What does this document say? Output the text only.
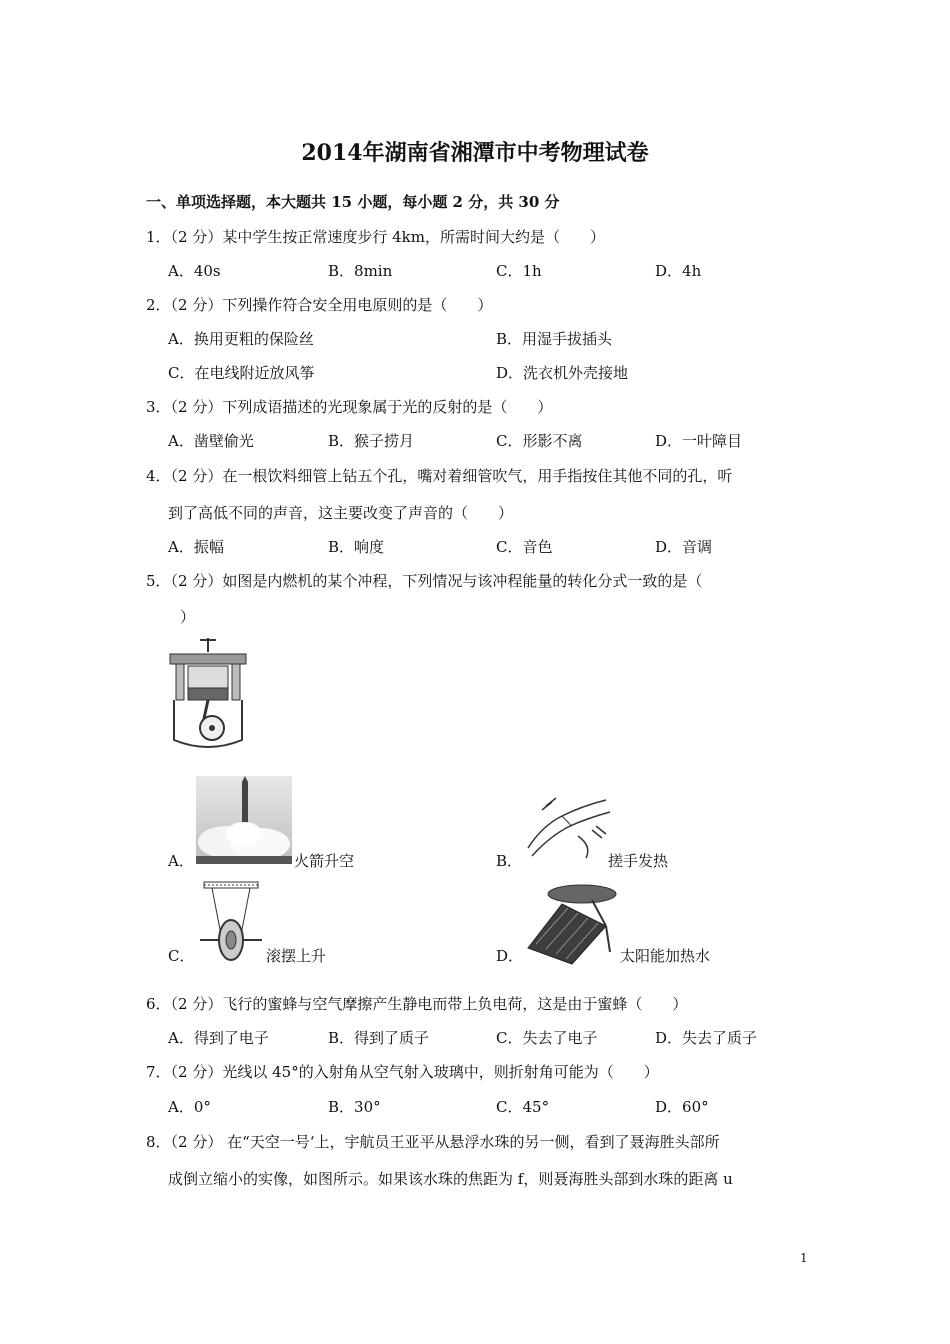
2014年湖南省湘潭市中考物理试卷
一、单项选择题，本大题共 15 小题，每小题 2 分，共 30 分
1．（2 分）某中学生按正常速度步行 4km，所需时间大约是（　　）
A．40s	B．8min	C．1h	D．4h
2．（2 分）下列操作符合安全用电原则的是（　　）
A．换用更粗的保险丝	B．用湿手拔插头
C．在电线附近放风筝	D．洗衣机外壳接地
3．（2 分）下列成语描述的光现象属于光的反射的是（　　）
A．凿壁偷光	B．猴子捞月	C．形影不离	D．一叶障目
4．（2 分）在一根饮料细管上钻五个孔，嘴对着细管吹气，用手指按住其他不同的孔，听
到了高低不同的声音，这主要改变了声音的（　　）
A．振幅	B．响度	C．音色	D．音调
5．（2 分）如图是内燃机的某个冲程，下列情况与该冲程能量的转化分式一致的是（
）
A．	火箭升空	B．	搓手发热
C．	滚摆上升	D．	太阳能加热水
6．（2 分）飞行的蜜蜂与空气摩擦产生静电而带上负电荷，这是由于蜜蜂（　　）
A．得到了电子	B．得到了质子	C．失去了电子	D．失去了质子
7．（2 分）光线以 45°的入射角从空气射入玻璃中，则折射角可能为（　　）
A．0°	B．30°	C．45°	D．60°
8．（2 分） 在“天空一号‘上，宇航员王亚平从悬浮水珠的另一侧，看到了聂海胜头部所
成倒立缩小的实像，如图所示。如果该水珠的焦距为 f，则聂海胜头部到水珠的距离 u
1
